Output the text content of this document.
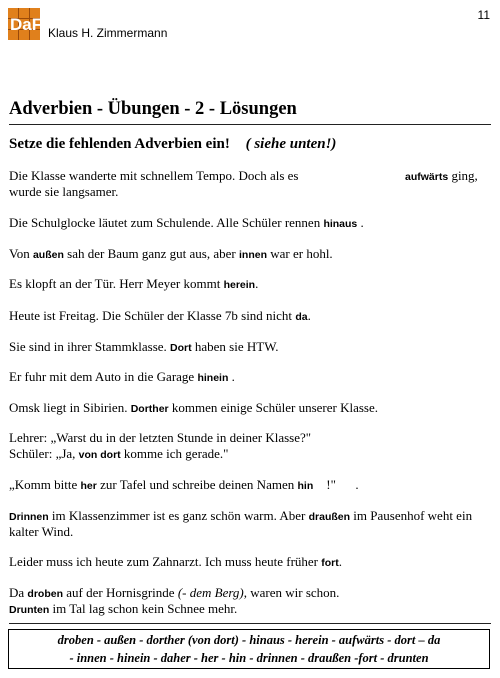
DaF Klaus H. Zimmermann
11
Adverbien - Übungen - 2 - Lösungen
Setze die fehlenden Adverbien ein! ( siehe unten!)
Die Klasse wanderte mit schnellem Tempo. Doch als es	aufwärts ging,
wurde sie langsamer.
Die Schulglocke läutet zum Schulende. Alle Schüler rennen hinaus .
Von außen sah der Baum ganz gut aus, aber innen war er hohl.
Es klopft an der Tür. Herr Meyer kommt herein.
Heute ist Freitag. Die Schüler der Klasse 7b sind nicht da.
Sie sind in ihrer Stammklasse. Dort haben sie HTW.
Er fuhr mit dem Auto in die Garage hinein .
Omsk liegt in Sibirien. Dorther kommen einige Schüler unserer Klasse.
Lehrer: „Warst du in der letzten Stunde in deiner Klasse?"
Schüler: „Ja, von dort komme ich gerade."
„Komm bitte her zur Tafel und schreibe deinen Namen hin    !"      .
Drinnen im Klassenzimmer ist es ganz schön warm. Aber draußen im Pausenhof weht ein
kalter Wind.
Leider muss ich heute zum Zahnarzt. Ich muss heute früher fort.
Da droben auf der Hornisgrinde (- dem Berg), waren wir schon.
Drunten im Tal lag schon kein Schnee mehr.
droben - außen - dorther (von dort) - hinaus - herein - aufwärts - dort – da
- innen - hinein - daher - her - hin - drinnen - draußen -fort - drunten
